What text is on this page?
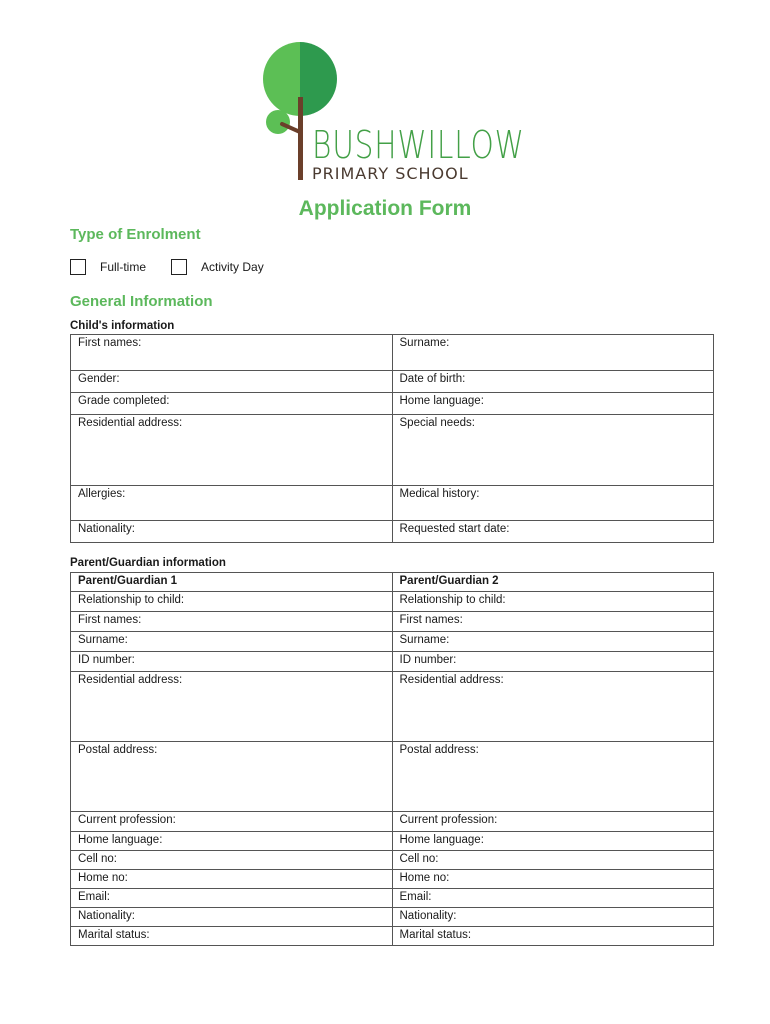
BUSHWILLOW
PRIMARY SCHOOL
Application Form
Type of Enrolment
Full-time	Activity Day
General Information
Child's information
First names:	Surname:
Gender:	Date of birth:
Grade completed:	Home language:
Residential address:	Special needs:
Allergies:	Medical history:
Nationality:	Requested start date:
Parent/Guardian information
Parent/Guardian 1	Parent/Guardian 2
Relationship to child:	Relationship to child:
First names:	First names:
Surname:	Surname:
ID number:	ID number:
Residential address:	Residential address:
Postal address:	Postal address:
Current profession:	Current profession:
Home language:	Home language:
Cell no:	Cell no:
Home no:	Home no:
Email:	Email:
Nationality:	Nationality:
Marital status:	Marital status:
